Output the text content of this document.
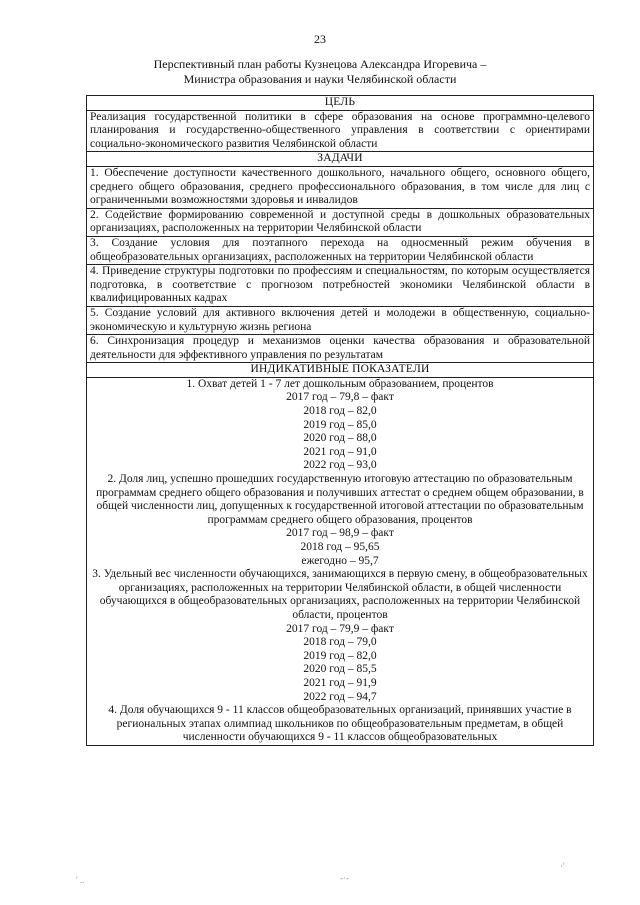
23
Перспективный план работы Кузнецова Александра Игоревича –
Министра образования и науки Челябинской области
ЦЕЛЬ
Реализация государственной политики в сфере образования на основе программно-целевого планирования и государственно-общественного управления в соответствии с ориентирами социально-экономического развития Челябинской области
ЗАДАЧИ
1. Обеспечение доступности качественного дошкольного, начального общего, основного общего, среднего общего образования, среднего профессионального образования, в том числе для лиц с ограниченными возможностями здоровья и инвалидов
2. Содействие формированию современной и доступной среды в дошкольных образовательных организациях, расположенных на территории Челябинской области
3. Создание условия для поэтапного перехода на односменный режим обучения в общеобразовательных организациях, расположенных на территории Челябинской области
4. Приведение структуры подготовки по профессиям и специальностям, по которым осуществляется подготовка, в соответствие с прогнозом потребностей экономики Челябинской области в квалифицированных кадрах
5. Создание условий для активного включения детей и молодежи в общественную, социально-экономическую и культурную жизнь региона
6. Синхронизация процедур и механизмов оценки качества образования и образовательной деятельности для эффективного управления по результатам
ИНДИКАТИВНЫЕ ПОКАЗАТЕЛИ

1. Охват детей 1 - 7 лет дошкольным образованием, процентов
2017 год – 79,8 – факт
2018 год – 82,0
2019 год – 85,0
2020 год – 88,0
2021 год – 91,0
2022 год – 93,0
2. Доля лиц, успешно прошедших государственную итоговую аттестацию по образовательным программам среднего общего образования и получивших аттестат о среднем общем образовании, в общей численности лиц, допущенных к государственной итоговой аттестации по образовательным программам среднего общего образования, процентов
2017 год – 98,9 – факт
2018 год – 95,65
ежегодно – 95,7
3. Удельный вес численности обучающихся, занимающихся в первую смену, в общеобразовательных организациях, расположенных на территории Челябинской области, в общей численности обучающихся в общеобразовательных организациях, расположенных на территории Челябинской области, процентов
2017 год – 79,9 – факт
2018 год – 79,0
2019 год – 82,0
2020 год – 85,5
2021 год – 91,9
2022 год – 94,7
4. Доля обучающихся 9 - 11 классов общеобразовательных организаций, принявших участие в региональных этапах олимпиад школьников по общеобразовательным предметам, в общей численности обучающихся 9 - 11 классов общеобразовательных
' ..	-·-
·'
